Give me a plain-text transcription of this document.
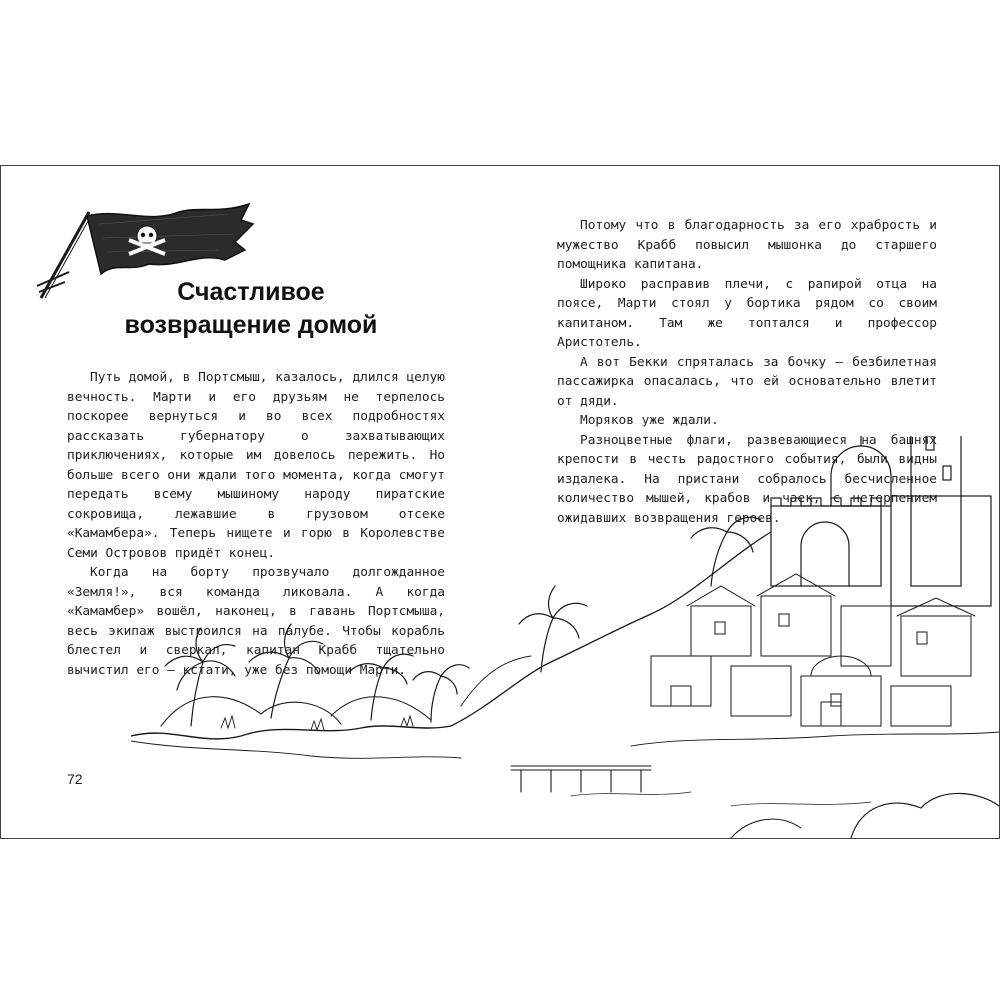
Счастливое
возвращение домой

Путь домой, в Портсмыш, казалось, длился целую вечность. Марти и его друзьям не терпелось поскорее вернуться и во всех подробностях рассказать губернатору о захватывающих приключениях, которые им довелось пережить. Но больше всего они ждали того момента, когда смогут передать всему мышиному народу пиратские сокровища, лежавшие в грузовом отсеке «Камамбера». Теперь нищете и горю в Королевстве Семи Островов придёт конец.

Когда на борту прозвучало долгожданное «Земля!», вся команда ликовала. А когда «Камамбер» вошёл, наконец, в гавань Портсмыша, весь экипаж выстроился на палубе. Чтобы корабль блестел и сверкал, капитан Крабб тщательно вычистил его — кстати, уже без помощи Марти.

72

Потому что в благодарность за его храбрость и мужество Крабб повысил мышонка до старшего помощника капитана.

Широко расправив плечи, с рапирой отца на поясе, Марти стоял у бортика рядом со своим капитаном. Там же топтался и профессор Аристотель.

А вот Бекки спряталась за бочку — безбилетная пассажирка опасалась, что ей основательно влетит от дяди.

Моряков уже ждали.

Разноцветные флаги, развевающиеся на башнях крепости в честь радостного события, были видны издалека. На пристани собралось бесчисленное количество мышей, крабов и чаек, с нетерпением ожидавших возвращения героев.
